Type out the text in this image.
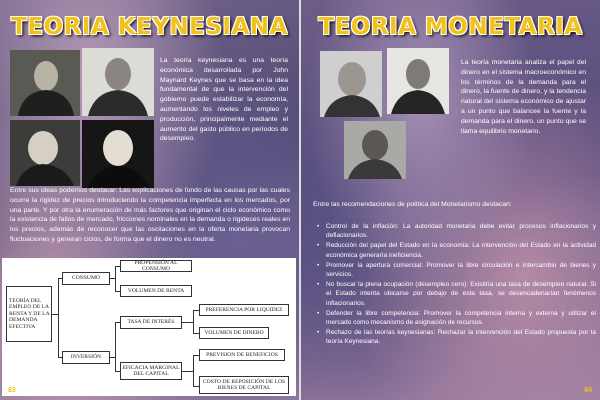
TEORIA KEYNESIANA
La teoría keynesiana es una teoría económica desarrollada por John Maynard Keynes que se basa en la idea fundamental de que la intervención del gobierno puede estabilizar la economía, aumentando los niveles de empleo y producción, principalmente mediante el aumento del gasto público en períodos de desempleo.
Entre sus ideas podemos destacar: Las explicaciones de fondo de las causas por las cuales ocurre la rigidez de precios introduciendo la competencia imperfecta en los mercados, por una parte. Y por otra la enumeración de más factores que originan el ciclo económico como la existencia de fallos de mercado, fricciones nominales en la demanda o rigideces reales en los precios, además de reconocer que las oscilaciones en la oferta monetaria provocan fluctuaciones y generan ciclos, de forma que el dinero no es neutral.
TEORÍA DEL EMPLEO DE LA RENTA Y DE LA DEMANDA EFECTIVA
CONSUMO
PROPENSIÓN AL CONSUMO
VOLUMEN DE RENTA
INVERSIÓN
TASA DE INTERÉS
EFICACIA MARGINAL DEL CAPITAL
PREFERENCIA POR LIQUIDEZ
VOLUMEN DE DINERO
PREVISION DE BENEFICIOS
COSTO DE REPOSICIÓN DE LOS BIENES DE CAPITAL
83
TEORIA MONETARIA
La teoría monetaria analiza el papel del dinero en el sistema macroeconómico en los términos de la demanda para el dinero, la fuente de dinero, y la tendencia natural del sistema económico de ajustar a un punto que balancee la fuente y la demanda para el dinero, un punto que se llama equilibrio monetario.
Entre las recomendaciones de política del Monetarismo destacan:
• Control de la inflación: La autoridad monetaria debe evitar procesos inflacionarios y deflacionarios.
• Reducción del papel del Estado en la economía: La intervención del Estado en la actividad económica generaría ineficiencia.
• Promover la apertura comercial: Promover la libre circulación e intercambio de bienes y servicios.
• No buscar la plena ocupación (desempleo cero): Existiría una tasa de desempleo natural. Si el Estado intenta ubicarse por debajo de esta tasa, se desencadenarían fenómenos inflacionarios.
• Defender la libre competencia: Promover la competencia interna y externa y utilizar el mercado como mecanismo de asignación de recursos.
• Rechazo de las teorías keynesianas: Rechazar la intervención del Estado propuesta por la teoría Keynesiana.
84
